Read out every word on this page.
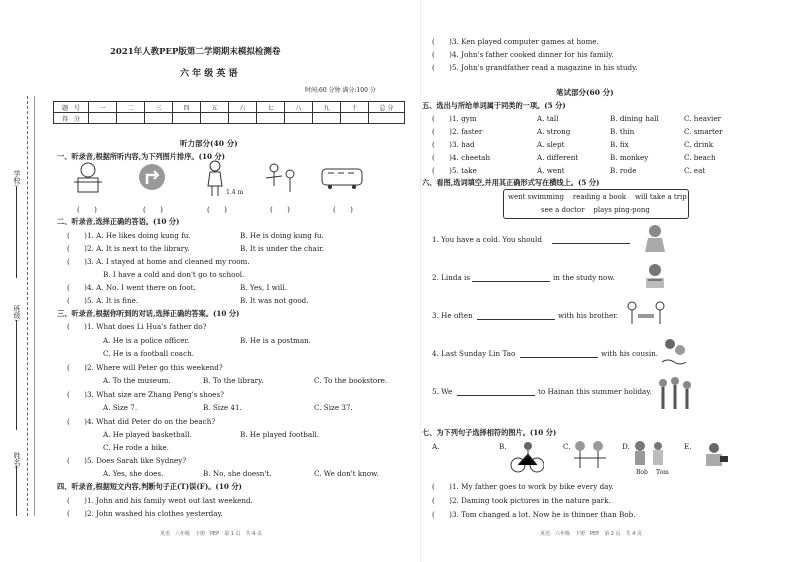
学校:
班级:
姓名:
2021年人教PEP版第二学期期末模拟检测卷
六 年 级 英 语
时间:60 分钟 满分:100 分
题　号	一	二	三	四	五	六	七	八	九	十	总 分
得　分											
听力部分(40 分)
一、听录音,根据所听内容,为下列图片排序。(10 分)
1.4 m
(　　)	(　　)	(　　)	(　　)	(　　)
二、听录音,选择正确的答语。(10 分)
(　　)1. A. He likes doing kung fu.	B. He is doing kung fu.
(　　)2. A. It is next to the library.	B. It is under the chair.
(　　)3. A. I stayed at home and cleaned my room.
B. I have a cold and don't go to school.
(　　)4. A. No. I went there on foot.	B. Yes, I will.
(　　)5. A. It is fine.	B. It was not good.
三、听录音,根据你听到的对话,选择正确的答案。(10 分)
(　　)1. What does Li Hua's father do?
A. He is a police officer.	B. He is a postman.
C. He is a football coach.
(　　)2. Where will Peter go this weekend?
A. To the museum.	B. To the library.	C. To the bookstore.
(　　)3. What size are Zhang Peng's shoes?
A. Size 7.	B. Size 41.	C. Size 37.
(　　)4. What did Peter do on the beach?
A. He played basketball.	B. He played football.
C. He rode a bike.
(　　)5. Does Sarah like Sydney?
A. Yes, she does.	B. No, she doesn't.	C. We don't know.
四、听录音,根据短文内容,判断句子正(T)误(F)。(10 分)
(　　)1. John and his family went out last weekend.
(　　)2. John washed his clothes yesterday.
英语　六年级　下册　PEP　第 1 页　共 4 页
(　　)3. Ken played computer games at home.
(　　)4. John's father cooked dinner for his family.
(　　)5. John's grandfather read a magazine in his study.
笔试部分(60 分)
五、选出与所给单词属于同类的一项。(5 分)
(　　)1. gym	A. tall	B. dining hall	C. heavier
(　　)2. faster	A. strong	B. thin	C. smarter
(　　)3. had	A. slept	B. fix	C. drink
(　　)4. cheetah	A. different	B. monkey	C. beach
(　　)5. take	A. went	B. rode	C. eat
六、看图,选词填空,并用其正确形式写在横线上。(5 分)
went swimming    reading a book    will take a trip
see a doctor    plays ping-pong
1. You have a cold. You should
2. Linda is	in the study now.
3. He often	with his brother.
4. Last Sunday Lin Tao	with his cousin.
5. We	to Hainan this summer holiday.
七、为下列句子选择相符的图片。(10 分)
A.	B.	C.	D.	E.
Bob Tom
(　　)1. My father goes to work by bike every day.
(　　)2. Daming took pictures in the nature park.
(　　)3. Tom changed a lot. Now he is thinner than Bob.
英语　六年级　下册　PEP　第 2 页　共 4 页
